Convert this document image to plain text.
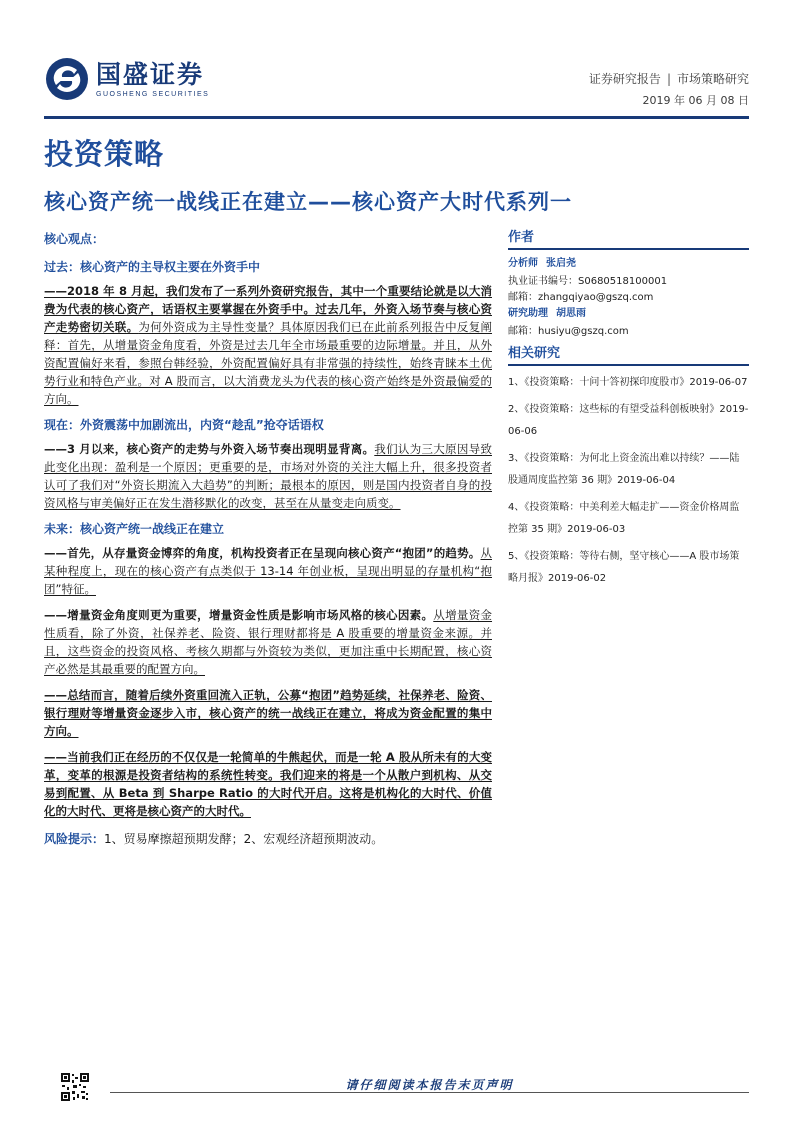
国盛证券
GUOSHENG SECURITIES
证券研究报告 | 市场策略研究
2019 年 06 月 08 日
投资策略
核心资产统一战线正在建立——核心资产大时代系列一
核心观点：
过去：核心资产的主导权主要在外资手中
——2018 年 8 月起，我们发布了一系列外资研究报告，其中一个重要结论就是以大消费为代表的核心资产，话语权主要掌握在外资手中。过去几年，外资入场节奏与核心资产走势密切关联。为何外资成为主导性变量？具体原因我们已在此前系列报告中反复阐释：首先，从增量资金角度看，外资是过去几年全市场最重要的边际增量。并且，从外资配置偏好来看，参照台韩经验，外资配置偏好具有非常强的持续性，始终青睐本土优势行业和特色产业。对 A 股而言，以大消费龙头为代表的核心资产始终是外资最偏爱的方向。
现在：外资震荡中加剧流出，内资“趁乱”抢夺话语权
——3 月以来，核心资产的走势与外资入场节奏出现明显背离。我们认为三大原因导致此变化出现：盈利是一个原因；更重要的是，市场对外资的关注大幅上升，很多投资者认可了我们对“外资长期流入大趋势”的判断；最根本的原因，则是国内投资者自身的投资风格与审美偏好正在发生潜移默化的改变，甚至在从量变走向质变。
未来：核心资产统一战线正在建立
——首先，从存量资金博弈的角度，机构投资者正在呈现向核心资产“抱团”的趋势。从某种程度上，现在的核心资产有点类似于 13-14 年创业板，呈现出明显的存量机构“抱团”特征。
——增量资金角度则更为重要，增量资金性质是影响市场风格的核心因素。从增量资金性质看，除了外资，社保养老、险资、银行理财都将是 A 股重要的增量资金来源。并且，这些资金的投资风格、考核久期都与外资较为类似，更加注重中长期配置，核心资产必然是其最重要的配置方向。
——总结而言，随着后续外资重回流入正轨，公募“抱团”趋势延续，社保养老、险资、银行理财等增量资金逐步入市，核心资产的统一战线正在建立，将成为资金配置的集中方向。
——当前我们正在经历的不仅仅是一轮简单的牛熊起伏，而是一轮 A 股从所未有的大变革，变革的根源是投资者结构的系统性转变。我们迎来的将是一个从散户到机构、从交易到配置、从 Beta 到 Sharpe Ratio 的大时代开启。这将是机构化的大时代、价值化的大时代、更将是核心资产的大时代。
风险提示：1、贸易摩擦超预期发酵；2、宏观经济超预期波动。
作者
分析师 张启尧
执业证书编号：S0680518100001
邮箱：zhangqiyao@gszq.com
研究助理 胡思雨
邮箱：husiyu@gszq.com
相关研究
1、《投资策略：十问十答初探印度股市》2019-06-07
2、《投资策略：这些标的有望受益科创板映射》2019-06-06
3、《投资策略：为何北上资金流出难以持续？——陆股通周度监控第 36 期》2019-06-04
4、《投资策略：中美利差大幅走扩——资金价格周监控第 35 期》2019-06-03
5、《投资策略：等待右侧，坚守核心——A 股市场策略月报》2019-06-02
请仔细阅读本报告末页声明
